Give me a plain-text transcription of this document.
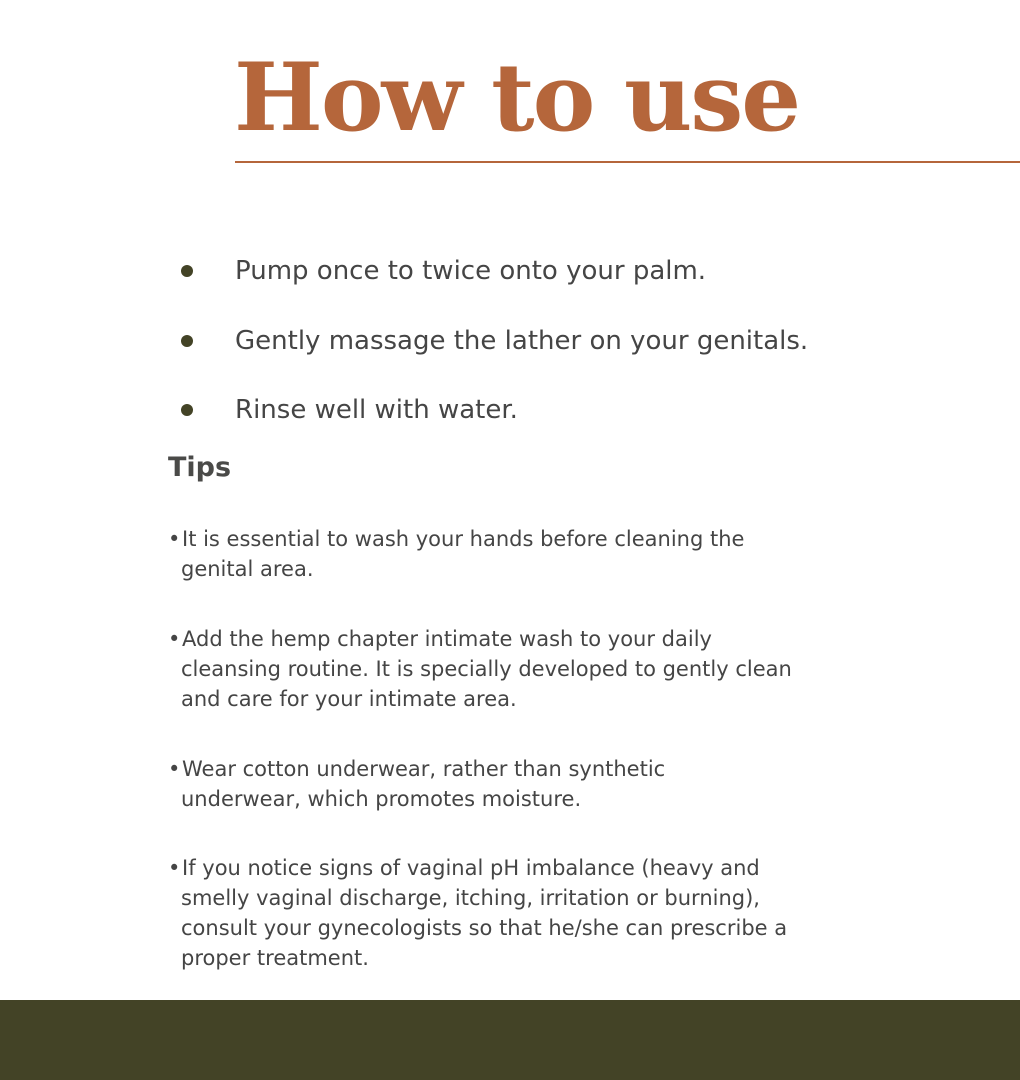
How to use
Pump once to twice onto your palm.
Gently massage the lather on your genitals.
Rinse well with water.
Tips
•It is essential to wash your hands before cleaning the
genital area.
•Add the hemp chapter intimate wash to your daily
cleansing routine. It is specially developed to gently clean
and care for your intimate area.
•Wear cotton underwear, rather than synthetic
underwear, which promotes moisture.
•If you notice signs of vaginal pH imbalance (heavy and
smelly vaginal discharge, itching, irritation or burning),
consult your gynecologists so that he/she can prescribe a
proper treatment.
